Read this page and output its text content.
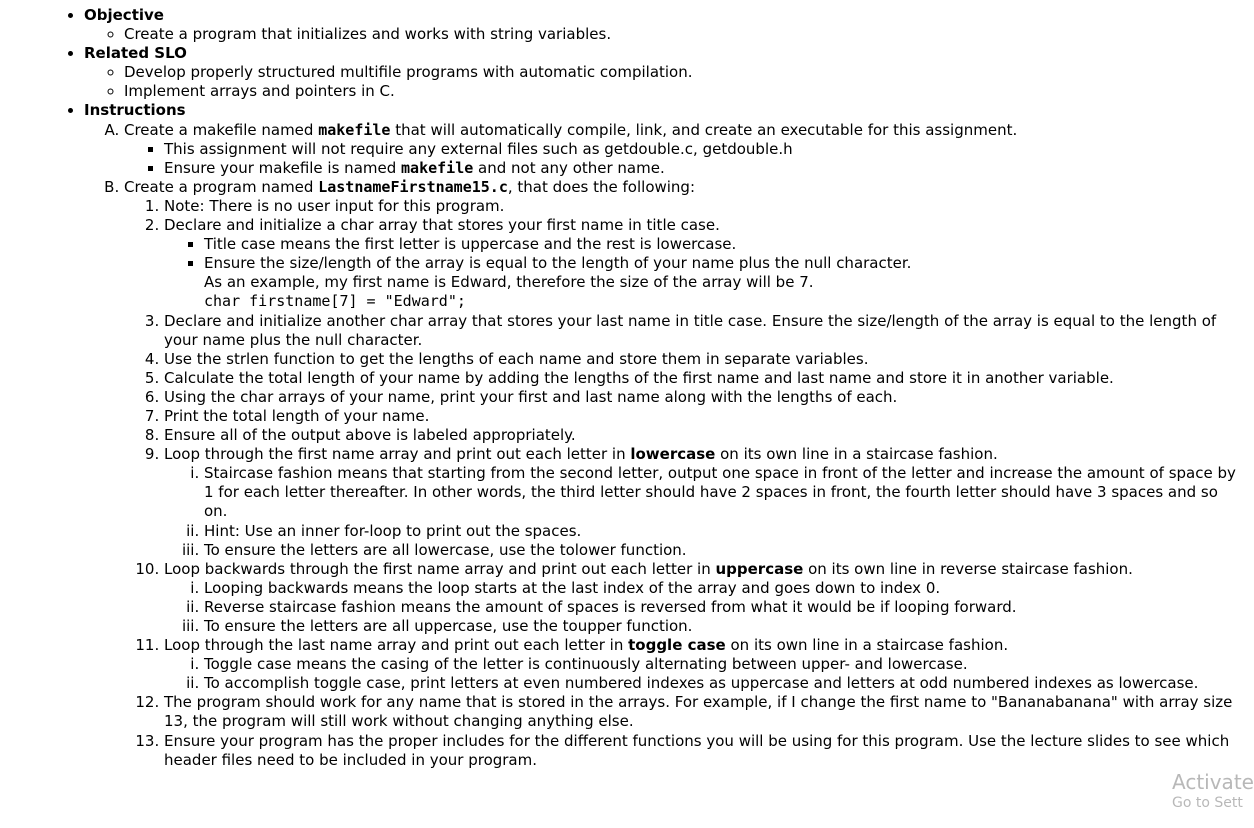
• Objective
◦ Create a program that initializes and works with string variables.
• Related SLO
◦ Develop properly structured multifile programs with automatic compilation.
◦ Implement arrays and pointers in C.
• Instructions
A. Create a makefile named makefile that will automatically compile, link, and create an executable for this assignment.
▪ This assignment will not require any external files such as getdouble.c, getdouble.h
▪ Ensure your makefile is named makefile and not any other name.
B. Create a program named LastnameFirstname15.c, that does the following:
1. Note: There is no user input for this program.
2. Declare and initialize a char array that stores your first name in title case.
▪ Title case means the first letter is uppercase and the rest is lowercase.
▪ Ensure the size/length of the array is equal to the length of your name plus the null character.
As an example, my first name is Edward, therefore the size of the array will be 7.
char firstname[7] = "Edward";
3. Declare and initialize another char array that stores your last name in title case. Ensure the size/length of the array is equal to the length of your name plus the null character.
4. Use the strlen function to get the lengths of each name and store them in separate variables.
5. Calculate the total length of your name by adding the lengths of the first name and last name and store it in another variable.
6. Using the char arrays of your name, print your first and last name along with the lengths of each.
7. Print the total length of your name.
8. Ensure all of the output above is labeled appropriately.
9. Loop through the first name array and print out each letter in lowercase on its own line in a staircase fashion.
i. Staircase fashion means that starting from the second letter, output one space in front of the letter and increase the amount of space by 1 for each letter thereafter. In other words, the third letter should have 2 spaces in front, the fourth letter should have 3 spaces and so on.
ii. Hint: Use an inner for-loop to print out the spaces.
iii. To ensure the letters are all lowercase, use the tolower function.
10. Loop backwards through the first name array and print out each letter in uppercase on its own line in reverse staircase fashion.
i. Looping backwards means the loop starts at the last index of the array and goes down to index 0.
ii. Reverse staircase fashion means the amount of spaces is reversed from what it would be if looping forward.
iii. To ensure the letters are all uppercase, use the toupper function.
11. Loop through the last name array and print out each letter in toggle case on its own line in a staircase fashion.
i. Toggle case means the casing of the letter is continuously alternating between upper- and lowercase.
ii. To accomplish toggle case, print letters at even numbered indexes as uppercase and letters at odd numbered indexes as lowercase.
12. The program should work for any name that is stored in the arrays. For example, if I change the first name to "Bananabanana" with array size 13, the program will still work without changing anything else.
13. Ensure your program has the proper includes for the different functions you will be using for this program. Use the lecture slides to see which header files need to be included in your program.
Activate
Go to Sett
